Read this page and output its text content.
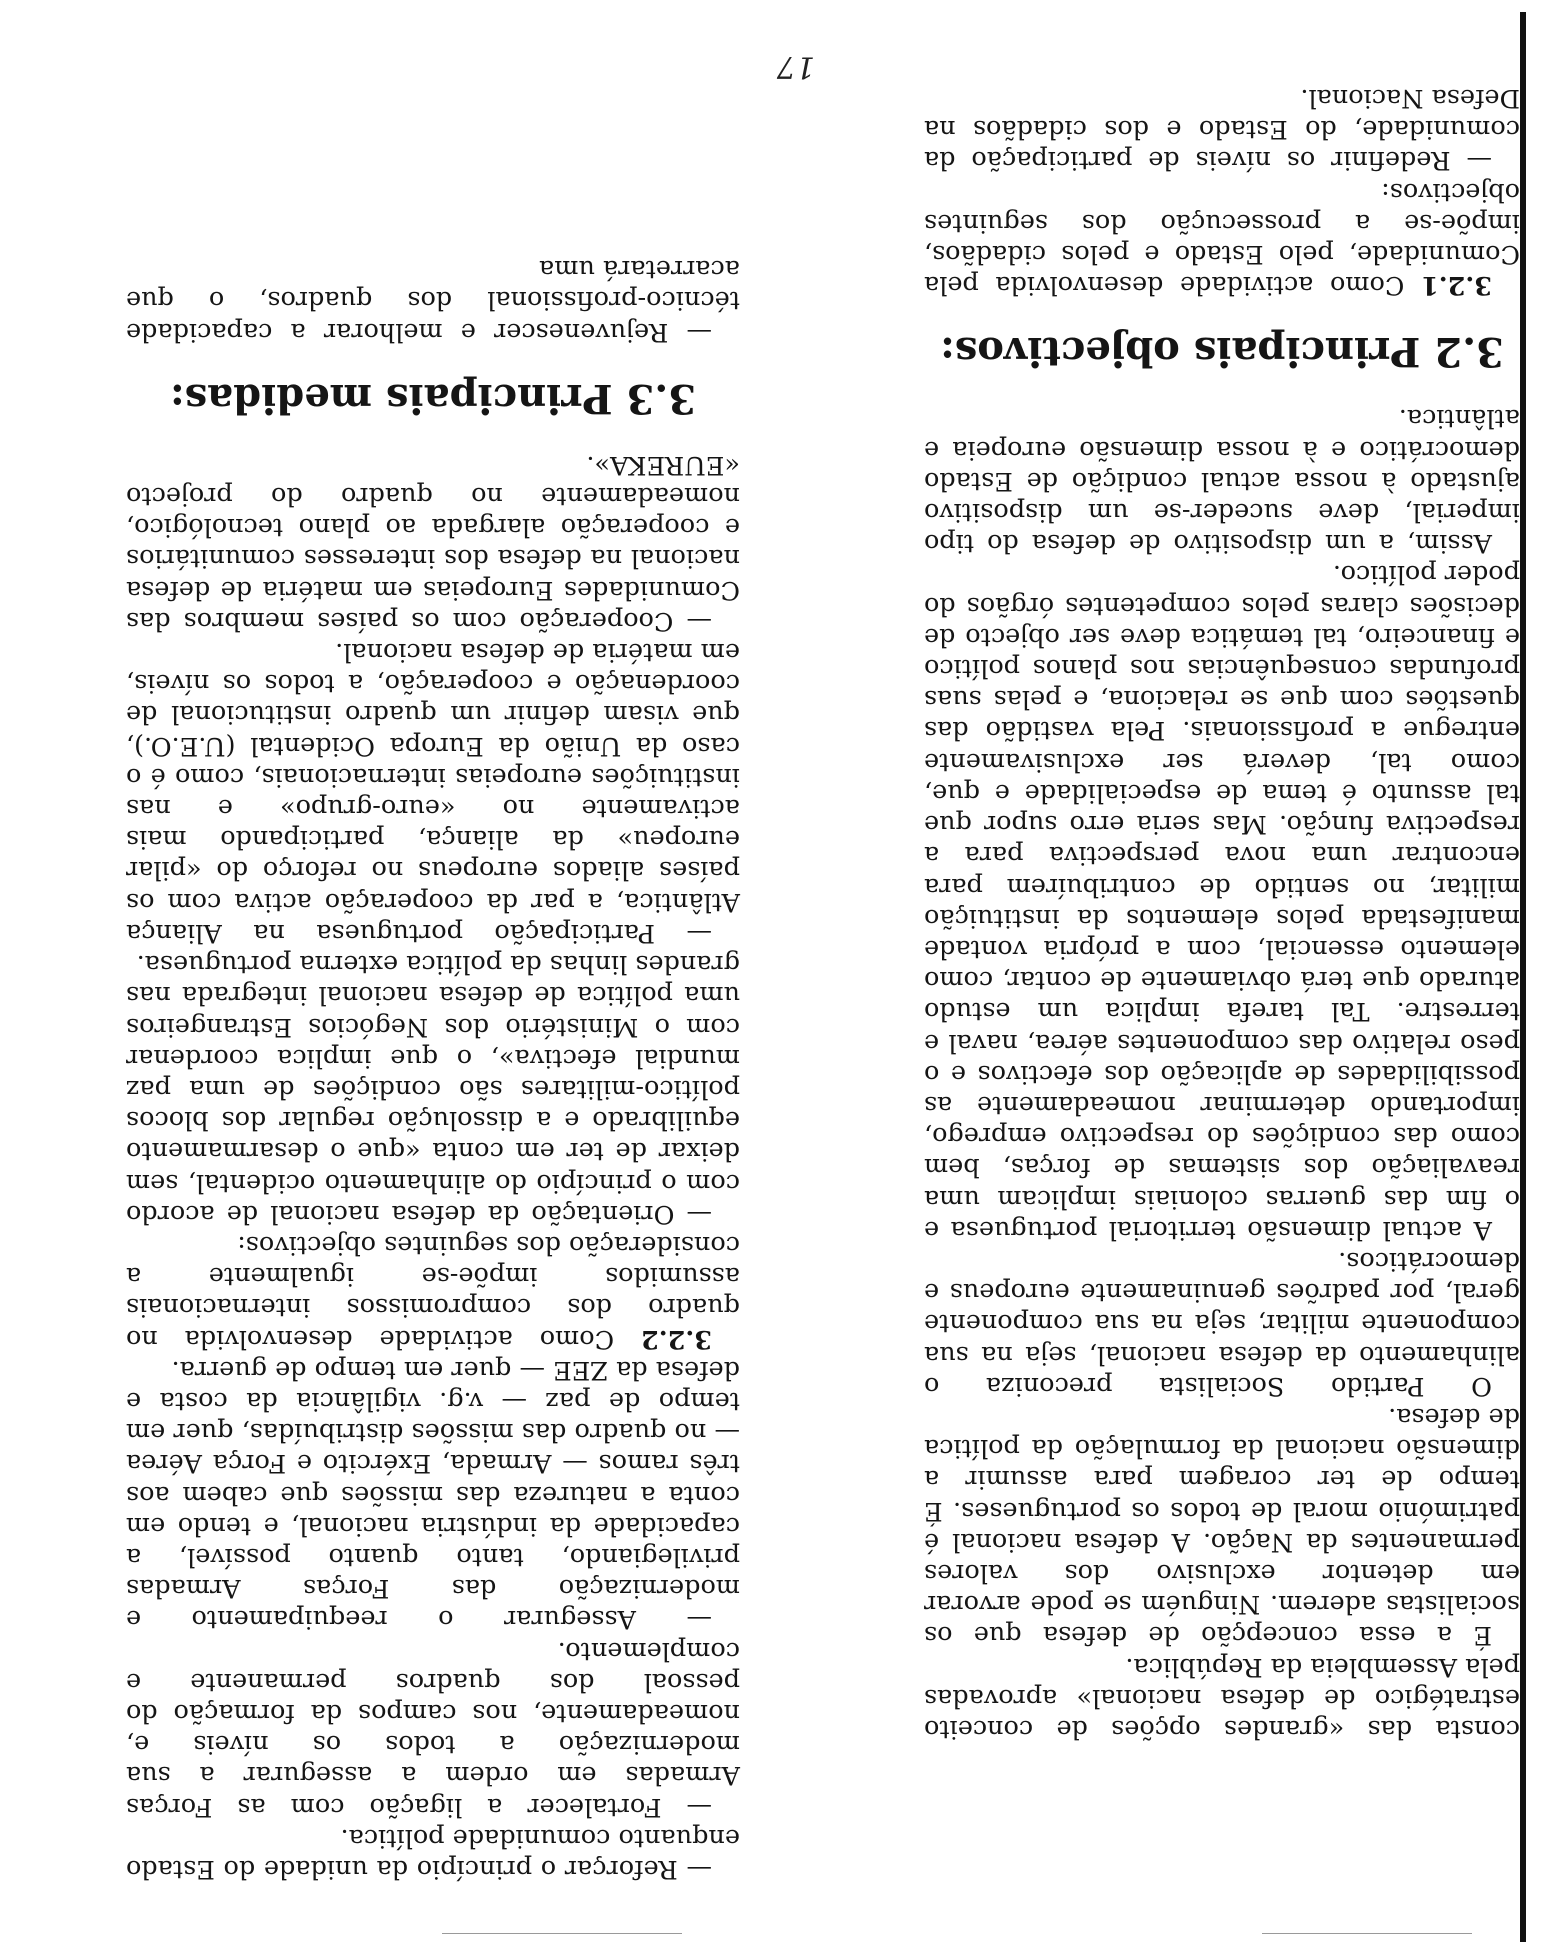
consta das «grandes opções de conceito estratégico de defesa nacional» aprovadas pela Assembleia da República.

É a essa concepção de defesa que os socialistas aderem. Ninguém se pode arvorar em detentor exclusivo dos valores permanentes da Nação. A defesa nacional é património moral de todos os portugueses. É tempo de ter coragem para assumir a dimensão nacional da formulação da política de defesa.

O Partido Socialista preconiza o alinhamento da defesa nacional, seja na sua componente militar, seja na sua componente geral, por padrões genuinamente europeus e democráticos.

A actual dimensão territorial portuguesa e o fim das guerras coloniais implicam uma reavaliação dos sistemas de forças, bem como das condições do respectivo emprego, importando determinar nomeadamente as possibilidades de aplicação dos efectivos e o peso relativo das componentes aérea, naval e terrestre. Tal tarefa implica um estudo aturado que terá obviamente de contar, como elemento essencial, com a própria vontade manifestada pelos elementos da instituição militar, no sentido de contribuírem para encontrar uma nova perspectiva para a respectiva função. Mas seria erro supor que tal assunto é tema de especialidade e que, como tal, deverá ser exclusivamente entregue a profissionais. Pela vastidão das questões com que se relaciona, e pelas suas profundas consequências nos planos político e financeiro, tal temática deve ser objecto de decisões claras pelos competentes órgãos do poder político.

Assim, a um dispositivo de defesa do tipo imperial, deve suceder-se um dispositivo ajustado à nossa actual condição de Estado democrático e à nossa dimensão europeia e atlântica.

3.2 Principais objectivos:

3.2.1 Como actividade desenvolvida pela Comunidade, pelo Estado e pelos cidadãos, impõe-se a prossecução dos seguintes objectivos:

— Redefinir os níveis de participação da comunidade, do Estado e dos cidadãos na Defesa Nacional.

— Reforçar o princípio da unidade do Estado enquanto comunidade política.

— Fortalecer a ligação com as Forças Armadas em ordem a assegurar a sua modernização a todos os níveis e, nomeadamente, nos campos da formação do pessoal dos quadros permanente e complemento.

— Assegurar o reequipamento e modernização das Forças Armadas privilegiando, tanto quanto possível, a capacidade da indústria nacional, e tendo em conta a natureza das missões que cabem aos três ramos — Armada, Exército e Força Aérea — no quadro das missões distribuídas, quer em tempo de paz — v.g. vigilância da costa e defesa da ZEE — quer em tempo de guerra.

3.2.2 Como actividade desenvolvida no quadro dos compromissos internacionais assumidos impõe-se igualmente a consideração dos seguintes objectivos:

— Orientação da defesa nacional de acordo com o princípio do alinhamento ocidental, sem deixar de ter em conta «que o desarmamento equilibrado e a dissolução regular dos blocos político-militares são condições de uma paz mundial efectiva», o que implica coordenar com o Ministério dos Negócios Estrangeiros uma política de defesa nacional integrada nas grandes linhas da política externa portuguesa.

— Participação portuguesa na Aliança Atlântica, a par da cooperação activa com os países aliados europeus no reforço do «pilar europeu» da aliança, participando mais activamente no «euro-grupo» e nas instituições europeias internacionais, como é o caso da União da Europa Ocidental (U.E.O.), que visam definir um quadro institucional de coordenação e cooperação, a todos os níveis, em matéria de defesa nacional.

— Cooperação com os países membros das Comunidades Europeias em matéria de defesa nacional na defesa dos interesses comunitários e cooperação alargada ao plano tecnológico, nomeadamente no quadro do projecto «EUREKA».

3.3 Principais medidas:

— Rejuvenescer e melhorar a capacidade técnico-profissional dos quadros, o que acarretará uma

17
